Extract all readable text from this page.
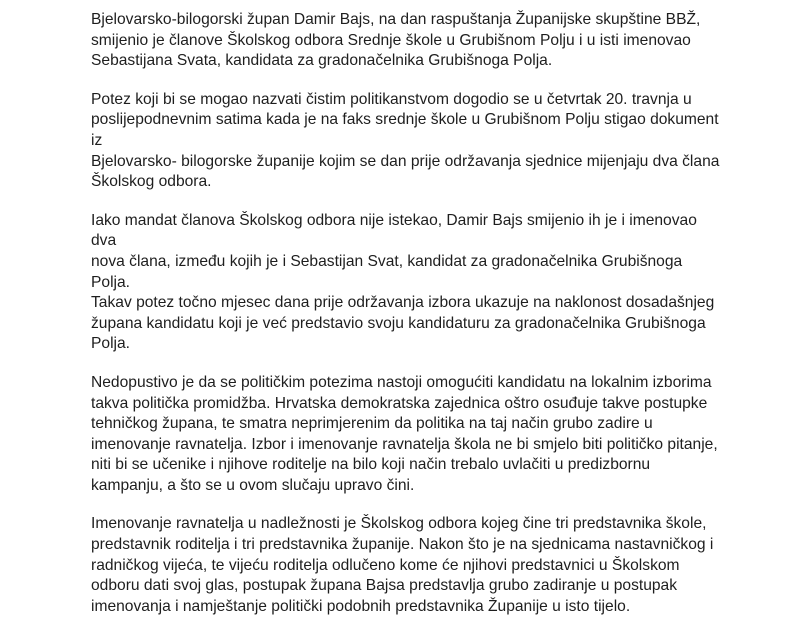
Bjelovarsko-bilogorski župan Damir Bajs, na dan raspuštanja Županijske skupštine BBŽ,
smijenio je članove Školskog odbora Srednje škole u Grubišnom Polju i u isti imenovao
Sebastijana Svata, kandidata za gradonačelnika Grubišnoga Polja.

Potez koji bi se mogao nazvati čistim politikanstvom dogodio se u četvrtak 20. travnja u
poslijepodnevnim satima kada je na faks srednje škole u Grubišnom Polju stigao dokument iz
Bjelovarsko- bilogorske županije kojim se dan prije održavanja sjednice mijenjaju dva člana
Školskog odbora.

Iako mandat članova Školskog odbora nije istekao, Damir Bajs smijenio ih je i imenovao dva
nova člana, između kojih je i Sebastijan Svat, kandidat za gradonačelnika Grubišnoga Polja.
Takav potez točno mjesec dana prije održavanja izbora ukazuje na naklonost dosadašnjeg
župana kandidatu koji je već predstavio svoju kandidaturu za gradonačelnika Grubišnoga
Polja.

Nedopustivo je da se političkim potezima nastoji omogućiti kandidatu na lokalnim izborima
takva politička promidžba. Hrvatska demokratska zajednica oštro osuđuje takve postupke
tehničkog župana, te smatra neprimjerenim da politika na taj način grubo zadire u
imenovanje ravnatelja. Izbor i imenovanje ravnatelja škola ne bi smjelo biti političko pitanje,
niti bi se učenike i njihove roditelje na bilo koji način trebalo uvlačiti u predizbornu
kampanju, a što se u ovom slučaju upravo čini.

Imenovanje ravnatelja u nadležnosti je Školskog odbora kojeg čine tri predstavnika škole,
predstavnik roditelja i tri predstavnika županije. Nakon što je na sjednicama nastavničkog i
radničkog vijeća, te vijeću roditelja odlučeno kome će njihovi predstavnici u Školskom
odboru dati svoj glas, postupak župana Bajsa predstavlja grubo zadiranje u postupak
imenovanja i namještanje politički podobnih predstavnika Županije u isto tijelo.
